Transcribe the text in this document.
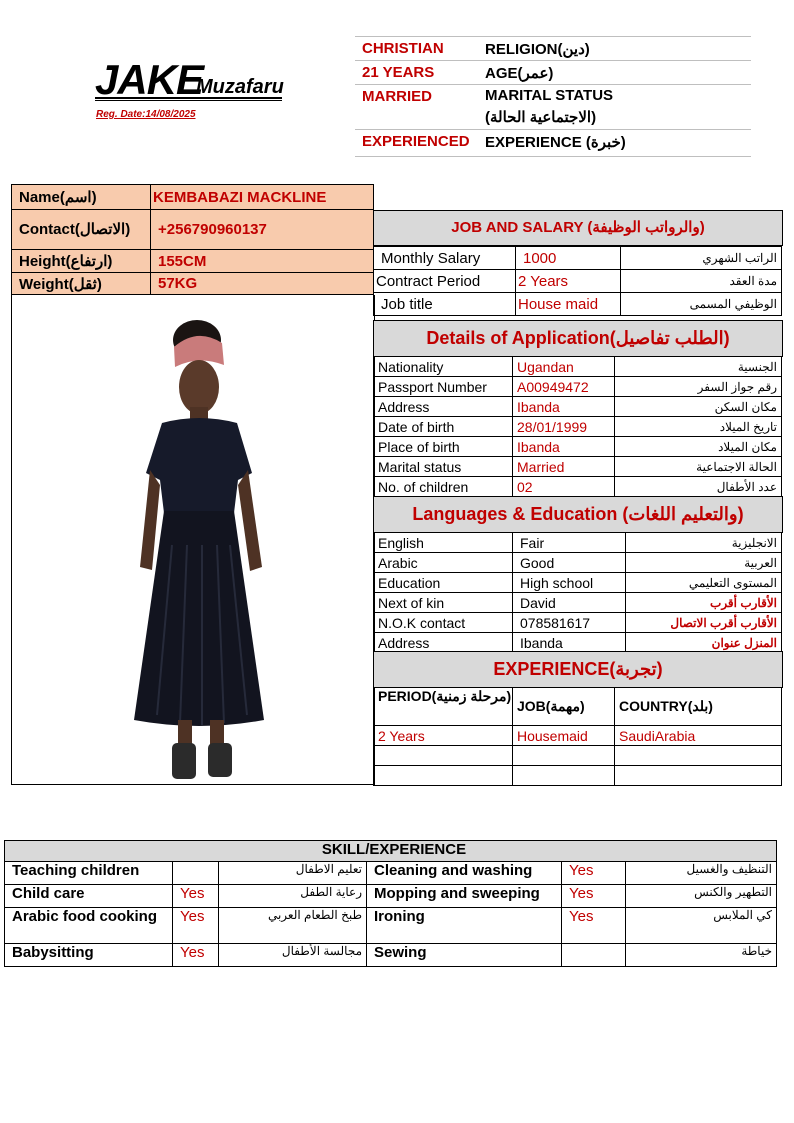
JAKE
Muzafaru
Reg. Date:14/08/2025
CHRISTIAN	RELIGION(دين)
21 YEARS	AGE(عمر)
MARRIED	MARITAL STATUS (الاجتماعية الحالة)
EXPERIENCED EXPERIENCE (خبرة)
Name(اسم)	KEMBABAZI MACKLINE
Contact(الاتصال)	+256790960137
Height(ارتفاع)	155CM
Weight(ثقل)	57KG
JOB AND SALARY (والرواتب الوظيفة)
Monthly Salary	1000	الراتب الشهري
Contract Period	2 Years	مدة العقد
Job title	House maid	الوظيفي المسمى
Details of Application(الطلب تفاصيل)
Nationality	Ugandan	الجنسية
Passport Number	A00949472	رقم جواز السفر
Address	Ibanda	مكان السكن
Date of birth	28/01/1999	تاريخ الميلاد
Place of birth	Ibanda	مكان الميلاد
Marital status	Married	الحالة الاجتماعية
No. of children	02	عدد الأطفال
Languages & Education (والتعليم اللغات)
English	Fair	الانجليزية
Arabic	Good	العربية
Education	High school	المستوى التعليمي
Next of kin	David	الأقارب أقرب
N.O.K contact	078581617	الأقارب أقرب الاتصال
Address	Ibanda	المنزل عنوان
EXPERIENCE(تجربة)
PERIOD(مرحلة زمنية)	JOB(مهمة)	COUNTRY(بلد)
2 Years	Housemaid	SaudiArabia

SKILL/EXPERIENCE					
Teaching children		تعليم الاطفال	Cleaning and washing	Yes	التنظيف والغسيل
Child care	Yes	رعاية الطفل	Mopping and sweeping	Yes	التطهير والكنس
Arabic food cooking	Yes	طبخ الطعام العربي	Ironing	Yes	كي الملابس
Babysitting	Yes	مجالسة الأطفال	Sewing		خياطة
